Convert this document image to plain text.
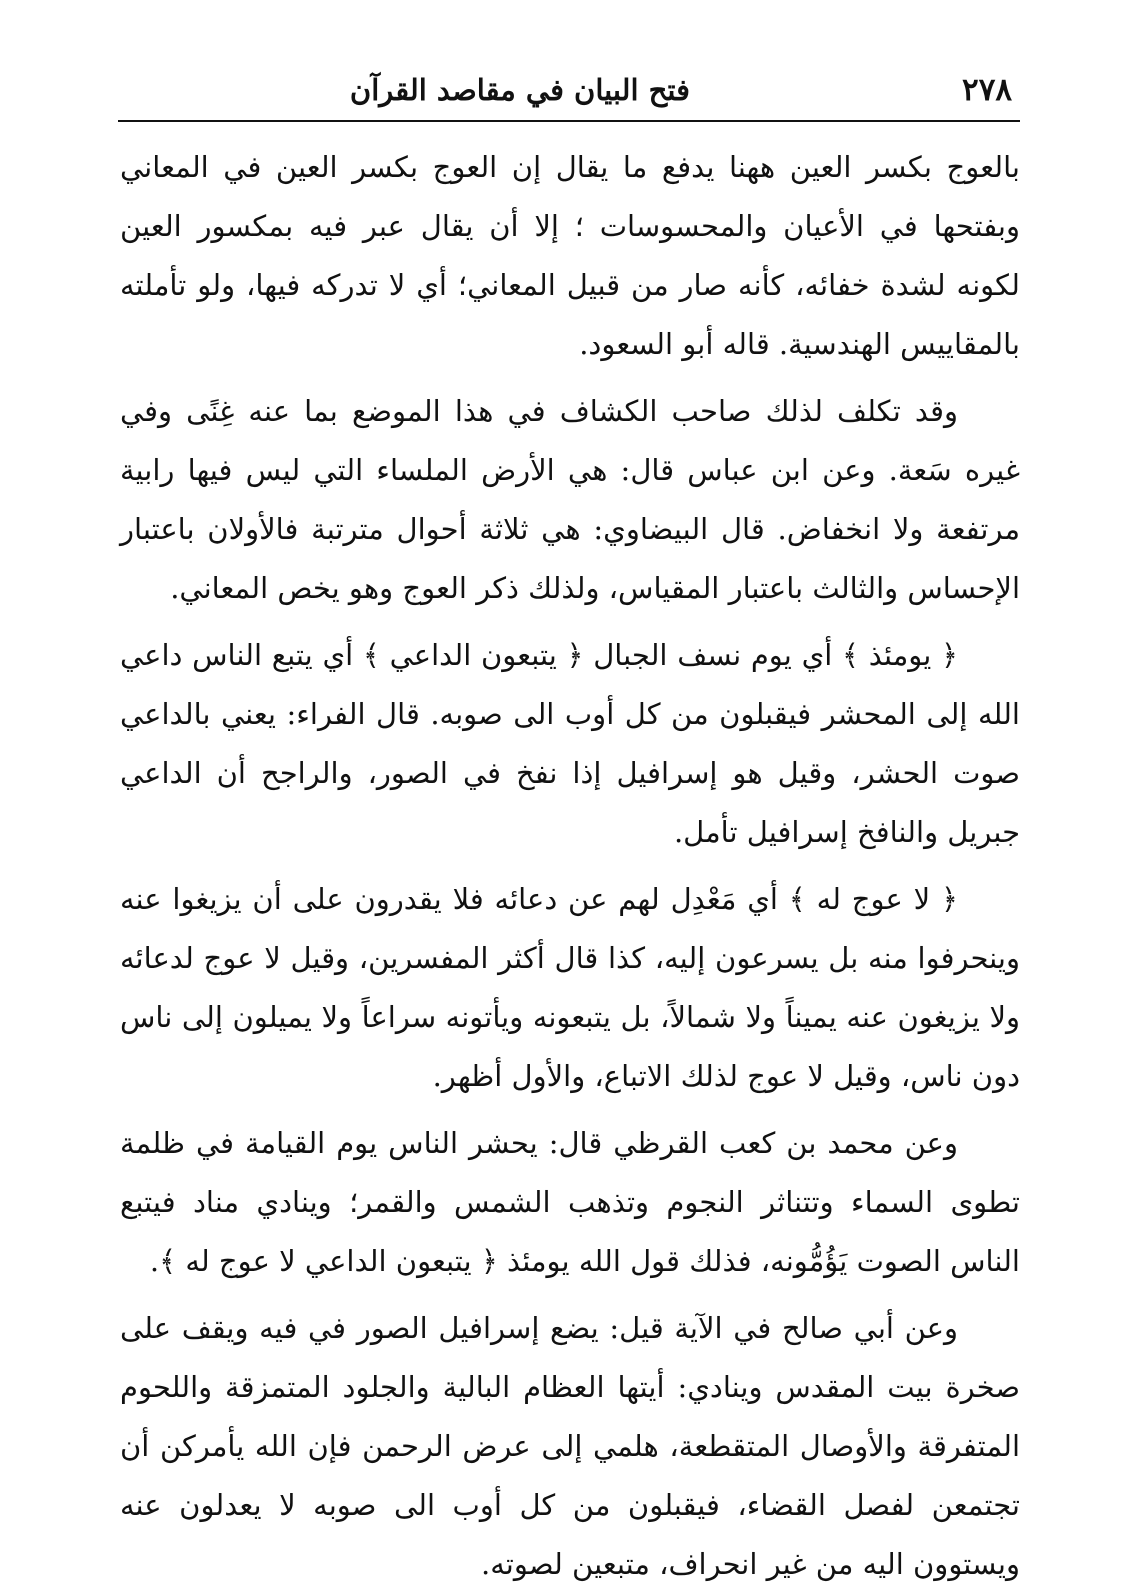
٢٧٨
فتح البيان في مقاصد القرآن

بالعوج بكسر العين ههنا يدفع ما يقال إن العوج بكسر العين في المعاني وبفتحها في الأعيان والمحسوسات ؛ إلا أن يقال عبر فيه بمكسور العين لكونه لشدة خفائه، كأنه صار من قبيل المعاني؛ أي لا تدركه فيها، ولو تأملته بالمقاييس الهندسية. قاله أبو السعود.

وقد تكلف لذلك صاحب الكشاف في هذا الموضع بما عنه غِنًى وفي غيره سَعة. وعن ابن عباس قال: هي الأرض الملساء التي ليس فيها رابية مرتفعة ولا انخفاض. قال البيضاوي: هي ثلاثة أحوال مترتبة فالأولان باعتبار الإحساس والثالث باعتبار المقياس، ولذلك ذكر العوج وهو يخص المعاني.

﴿ يومئذ ﴾ أي يوم نسف الجبال ﴿ يتبعون الداعي ﴾ أي يتبع الناس داعي الله إلى المحشر فيقبلون من كل أوب الى صوبه. قال الفراء: يعني بالداعي صوت الحشر، وقيل هو إسرافيل إذا نفخ في الصور، والراجح أن الداعي جبريل والنافخ إسرافيل تأمل.

﴿ لا عوج له ﴾ أي مَعْدِل لهم عن دعائه فلا يقدرون على أن يزيغوا عنه وينحرفوا منه بل يسرعون إليه، كذا قال أكثر المفسرين، وقيل لا عوج لدعائه ولا يزيغون عنه يميناً ولا شمالاً، بل يتبعونه ويأتونه سراعاً ولا يميلون إلى ناس دون ناس، وقيل لا عوج لذلك الاتباع، والأول أظهر.

وعن محمد بن كعب القرظي قال: يحشر الناس يوم القيامة في ظلمة تطوى السماء وتتناثر النجوم وتذهب الشمس والقمر؛ وينادي مناد فيتبع الناس الصوت يَؤُمُّونه، فذلك قول الله يومئذ ﴿ يتبعون الداعي لا عوج له ﴾.

وعن أبي صالح في الآية قيل: يضع إسرافيل الصور في فيه ويقف على صخرة بيت المقدس وينادي: أيتها العظام البالية والجلود المتمزقة واللحوم المتفرقة والأوصال المتقطعة، هلمي إلى عرض الرحمن فإن الله يأمركن أن تجتمعن لفصل القضاء، فيقبلون من كل أوب الى صوبه لا يعدلون عنه ويستوون اليه من غير انحراف، متبعين لصوته.
